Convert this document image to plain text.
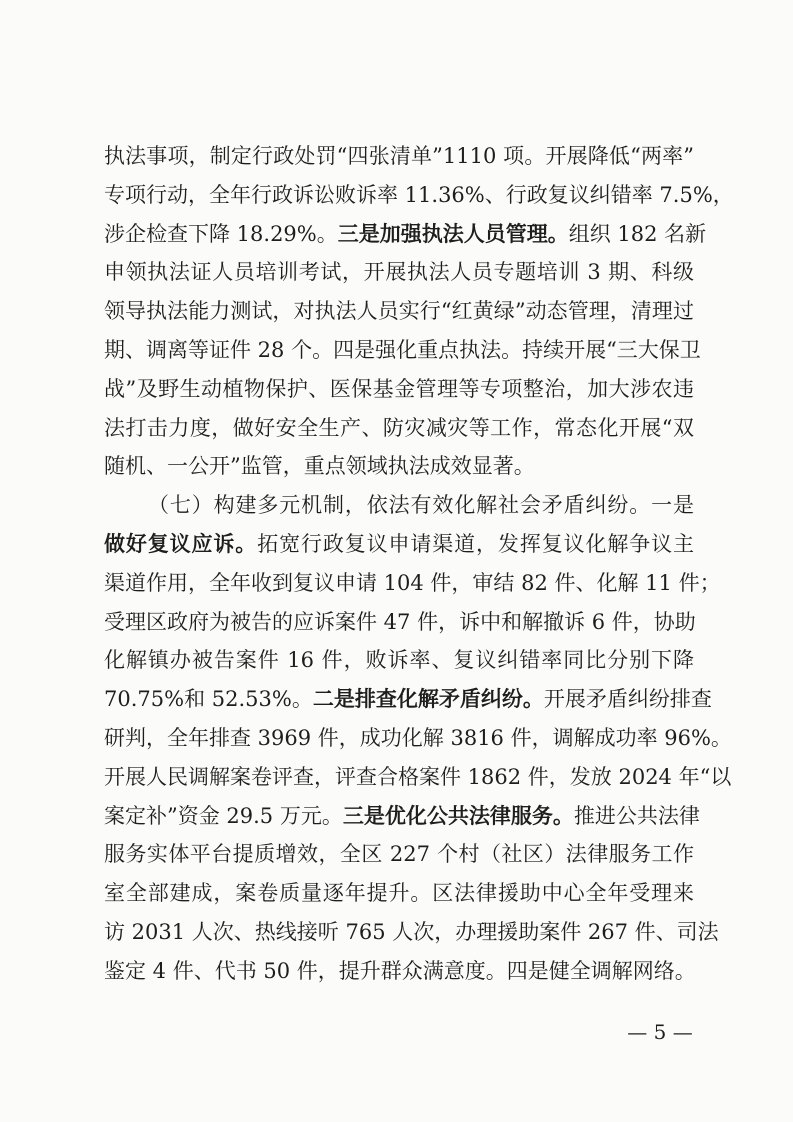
执法事项，制定行政处罚“四张清单”1110 项。开展降低“两率”
专项行动，全年行政诉讼败诉率 11.36%、行政复议纠错率 7.5%，
涉企检查下降 18.29%。三是加强执法人员管理。组织 182 名新
申领执法证人员培训考试，开展执法人员专题培训 3 期、科级
领导执法能力测试，对执法人员实行“红黄绿”动态管理，清理过
期、调离等证件 28 个。四是强化重点执法。持续开展“三大保卫
战”及野生动植物保护、医保基金管理等专项整治，加大涉农违
法打击力度，做好安全生产、防灾减灾等工作，常态化开展“双
随机、一公开”监管，重点领域执法成效显著。
（七）构建多元机制，依法有效化解社会矛盾纠纷。一是
做好复议应诉。拓宽行政复议申请渠道，发挥复议化解争议主
渠道作用，全年收到复议申请 104 件，审结 82 件、化解 11 件；
受理区政府为被告的应诉案件 47 件，诉中和解撤诉 6 件，协助
化解镇办被告案件 16 件，败诉率、复议纠错率同比分别下降
70.75%和 52.53%。二是排查化解矛盾纠纷。开展矛盾纠纷排查
研判，全年排查 3969 件，成功化解 3816 件，调解成功率 96%。
开展人民调解案卷评查，评查合格案件 1862 件，发放 2024 年“以
案定补”资金 29.5 万元。三是优化公共法律服务。推进公共法律
服务实体平台提质增效，全区 227 个村（社区）法律服务工作
室全部建成，案卷质量逐年提升。区法律援助中心全年受理来
访 2031 人次、热线接听 765 人次，办理援助案件 267 件、司法
鉴定 4 件、代书 50 件，提升群众满意度。四是健全调解网络。
— 5 —
